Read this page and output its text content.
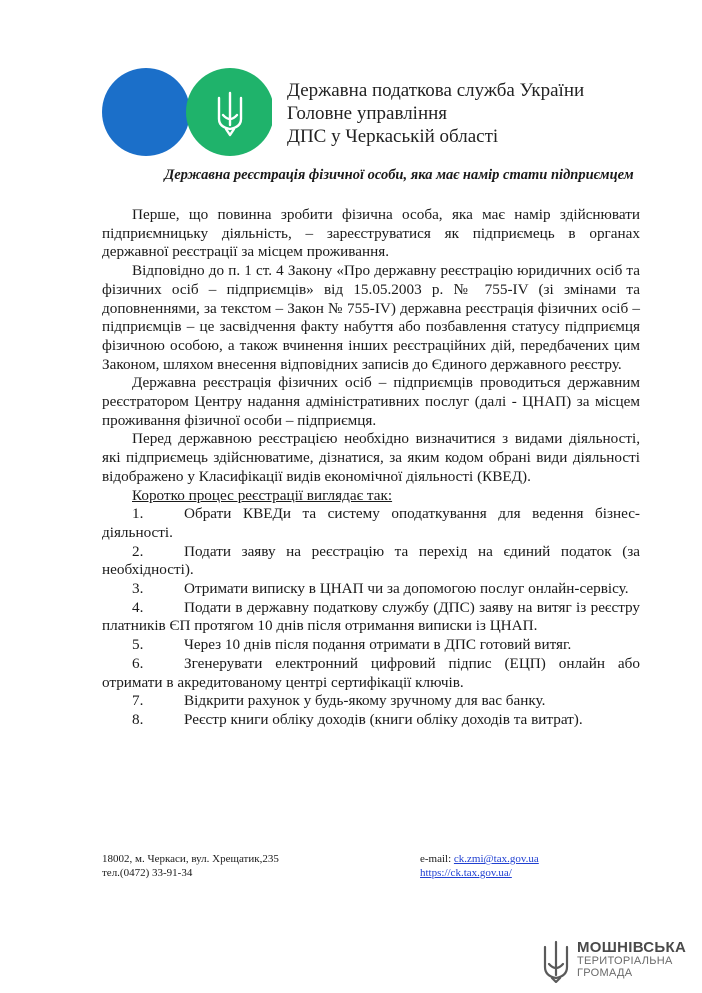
Державна податкова служба України
Головне управління
ДПС у Черкаській області
Державна реєстрація фізичної особи, яка має намір стати підприємцем

Перше, що повинна зробити фізична особа, яка має намір здійснювати підприємницьку діяльність, – зареєструватися як підприємець в органах державної реєстрації за місцем проживання.

Відповідно до п. 1 ст. 4 Закону «Про державну реєстрацію юридичних осіб та фізичних осіб – підприємців» від 15.05.2003 р. № 755-IV (зі змінами та доповненнями, за текстом – Закон № 755-IV) державна реєстрація фізичних осіб – підприємців – це засвідчення факту набуття або позбавлення статусу підприємця фізичною особою, а також вчинення інших реєстраційних дій, передбачених цим Законом, шляхом внесення відповідних записів до Єдиного державного реєстру.

Державна реєстрація фізичних осіб – підприємців проводиться державним реєстратором Центру надання адміністративних послуг (далі - ЦНАП) за місцем проживання фізичної особи – підприємця.

Перед державною реєстрацією необхідно визначитися з видами діяльності, які підприємець здійснюватиме, дізнатися, за яким кодом обрані види діяльності відображено у Класифікації видів економічної діяльності (КВЕД).

Коротко процес реєстрації виглядає так:

1.	Обрати КВЕДи та систему оподаткування для ведення бізнес-діяльності.

2.	Подати заяву на реєстрацію та перехід на єдиний податок (за необхідності).

3.	Отримати виписку в ЦНАП чи за допомогою послуг онлайн-сервісу.

4.	Подати в державну податкову службу (ДПС) заяву на витяг із реєстру платників ЄП протягом 10 днів після отримання виписки із ЦНАП.

5.	Через 10 днів після подання отримати в ДПС готовий витяг.

6.	Згенерувати електронний цифровий підпис (ЕЦП) онлайн або отримати в акредитованому центрі сертифікації ключів.

7.	Відкрити рахунок у будь-якому зручному для вас банку.

8.	Реєстр книги обліку доходів (книги обліку доходів та витрат).

18002, м. Черкаси, вул. Хрещатик,235
тел.(0472) 33-91-34
e-mail: ck.zmi@tax.gov.ua
https://ck.tax.gov.ua/
МОШНІВСЬКА
ТЕРИТОРІАЛЬНА
ГРОМАДА
